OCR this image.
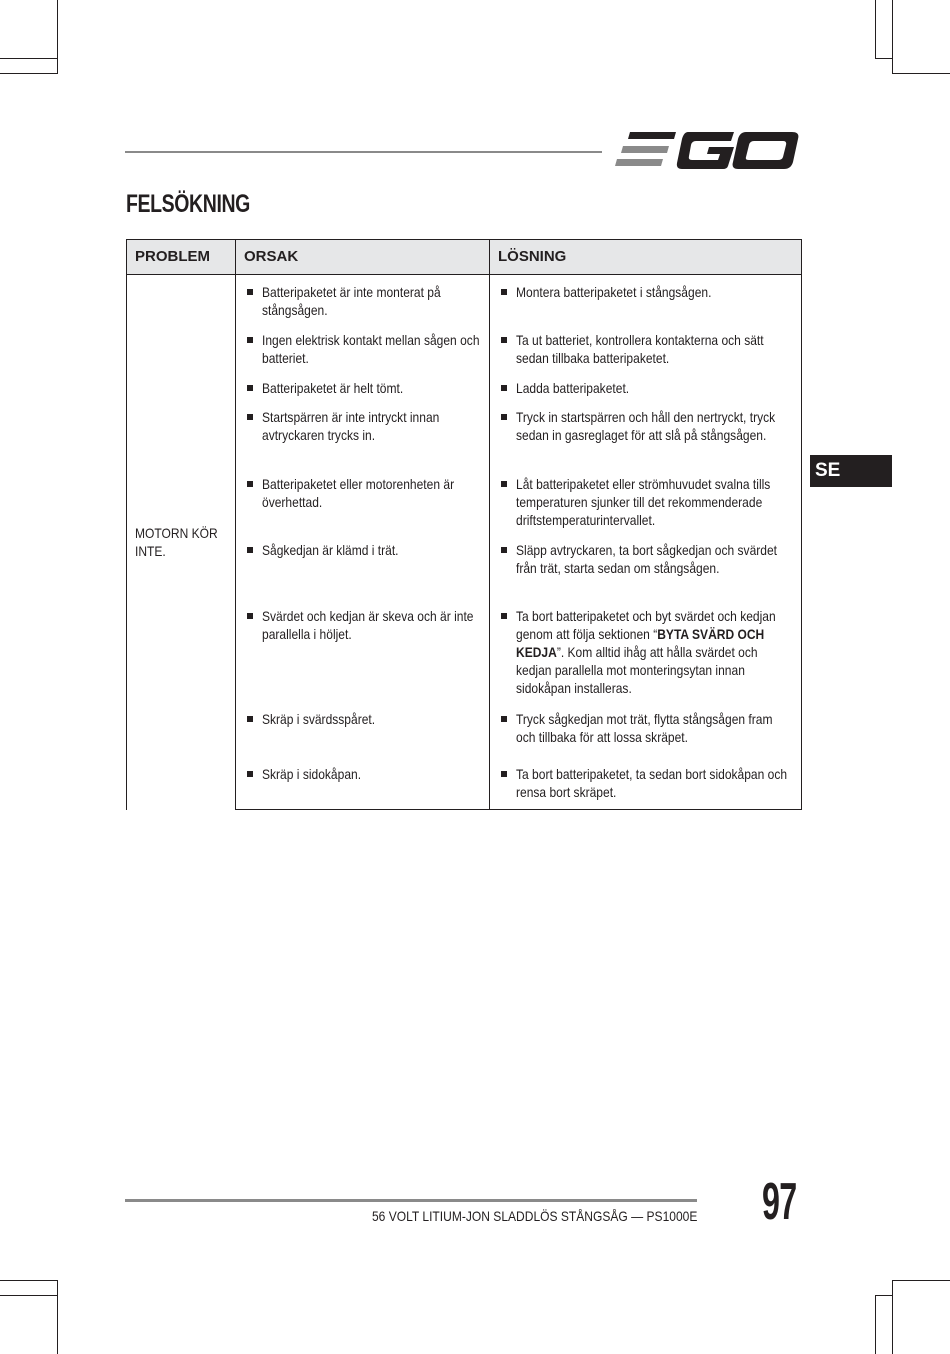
FELSÖKNING
PROBLEM	ORSAK	LÖSNING

MOTORN KÖR INTE.	Batteripaketet är inte monterat på stångsågen.	Montera batteripaketet i stångsågen.

	Ingen elektrisk kontakt mellan sågen och batteriet.	Ta ut batteriet, kontrollera kontakterna och sätt sedan tillbaka batteripaketet.

	Batteripaketet är helt tömt.	Ladda batteripaketet.

	Startspärren är inte intryckt innan avtryckaren trycks in.	Tryck in startspärren och håll den nertryckt, tryck sedan in gasreglaget för att slå på stångsågen.

	Batteripaketet eller motorenheten är överhettad.	Låt batteripaketet eller strömhuvudet svalna tills temperaturen sjunker till det rekommenderade driftstemperaturintervallet.

	Sågkedjan är klämd i trät.	Släpp avtryckaren, ta bort sågkedjan och svärdet från trät, starta sedan om stångsågen.

	Svärdet och kedjan är skeva och är inte parallella i höljet.	Ta bort batteripaketet och byt svärdet och kedjan genom att följa sektionen “BYTA SVÄRD OCH KEDJA”. Kom alltid ihåg att hålla svärdet och kedjan parallella mot monteringsytan innan sidokåpan installeras.

	Skräp i svärdsspåret.	Tryck sågkedjan mot trät, flytta stångsågen fram och tillbaka för att lossa skräpet.

	Skräp i sidokåpan.	Ta bort batteripaketet, ta sedan bort sidokåpan och rensa bort skräpet.
SE
56 VOLT LITIUM-JON SLADDLÖS STÅNGSÅG — PS1000E 97
